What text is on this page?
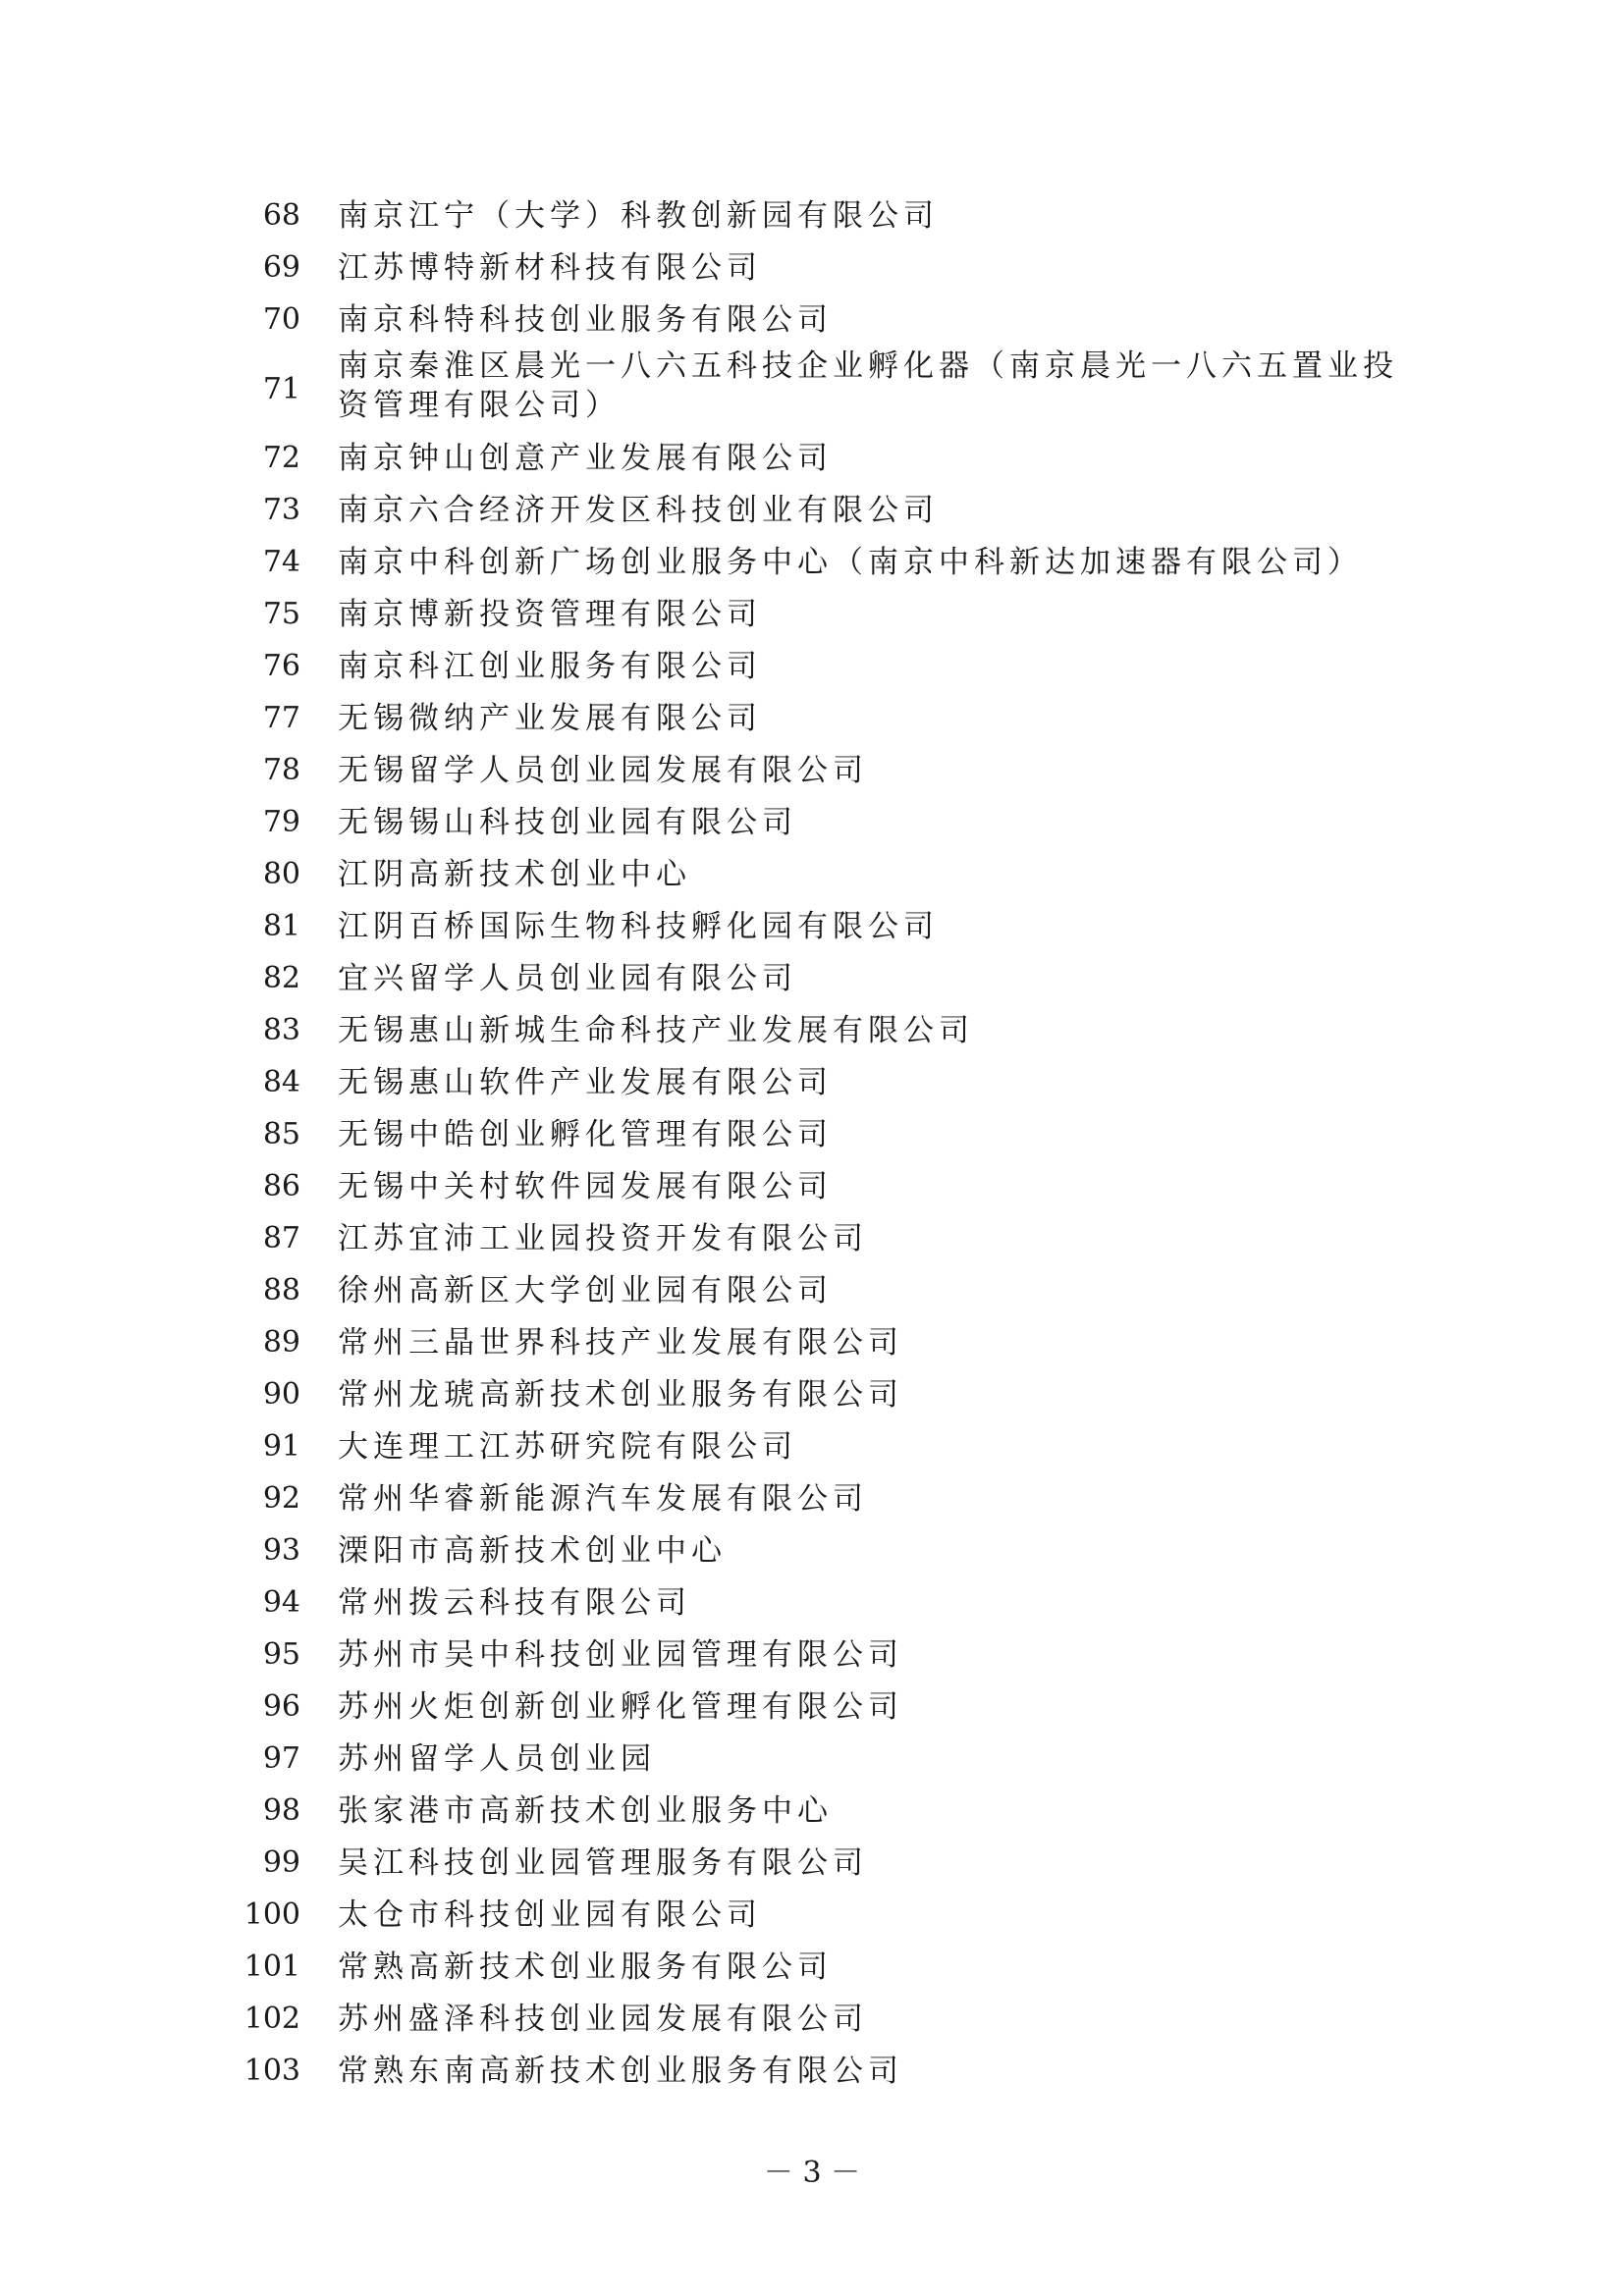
68 南京江宁（大学）科教创新园有限公司
69 江苏博特新材科技有限公司
70 南京科特科技创业服务有限公司
71
南京秦淮区晨光一八六五科技企业孵化器（南京晨光一八六五置业投资管理有限公司）
72 南京钟山创意产业发展有限公司
73 南京六合经济开发区科技创业有限公司
74 南京中科创新广场创业服务中心（南京中科新达加速器有限公司）
75 南京博新投资管理有限公司
76 南京科江创业服务有限公司
77 无锡微纳产业发展有限公司
78 无锡留学人员创业园发展有限公司
79 无锡锡山科技创业园有限公司
80 江阴高新技术创业中心
81 江阴百桥国际生物科技孵化园有限公司
82 宜兴留学人员创业园有限公司
83 无锡惠山新城生命科技产业发展有限公司
84 无锡惠山软件产业发展有限公司
85 无锡中皓创业孵化管理有限公司
86 无锡中关村软件园发展有限公司
87 江苏宜沛工业园投资开发有限公司
88 徐州高新区大学创业园有限公司
89 常州三晶世界科技产业发展有限公司
90 常州龙琥高新技术创业服务有限公司
91 大连理工江苏研究院有限公司
92 常州华睿新能源汽车发展有限公司
93 溧阳市高新技术创业中心
94 常州拨云科技有限公司
95 苏州市吴中科技创业园管理有限公司
96 苏州火炬创新创业孵化管理有限公司
97 苏州留学人员创业园
98 张家港市高新技术创业服务中心
99 吴江科技创业园管理服务有限公司
100 太仓市科技创业园有限公司
101 常熟高新技术创业服务有限公司
102 苏州盛泽科技创业园发展有限公司
103 常熟东南高新技术创业服务有限公司
－ 3 －
